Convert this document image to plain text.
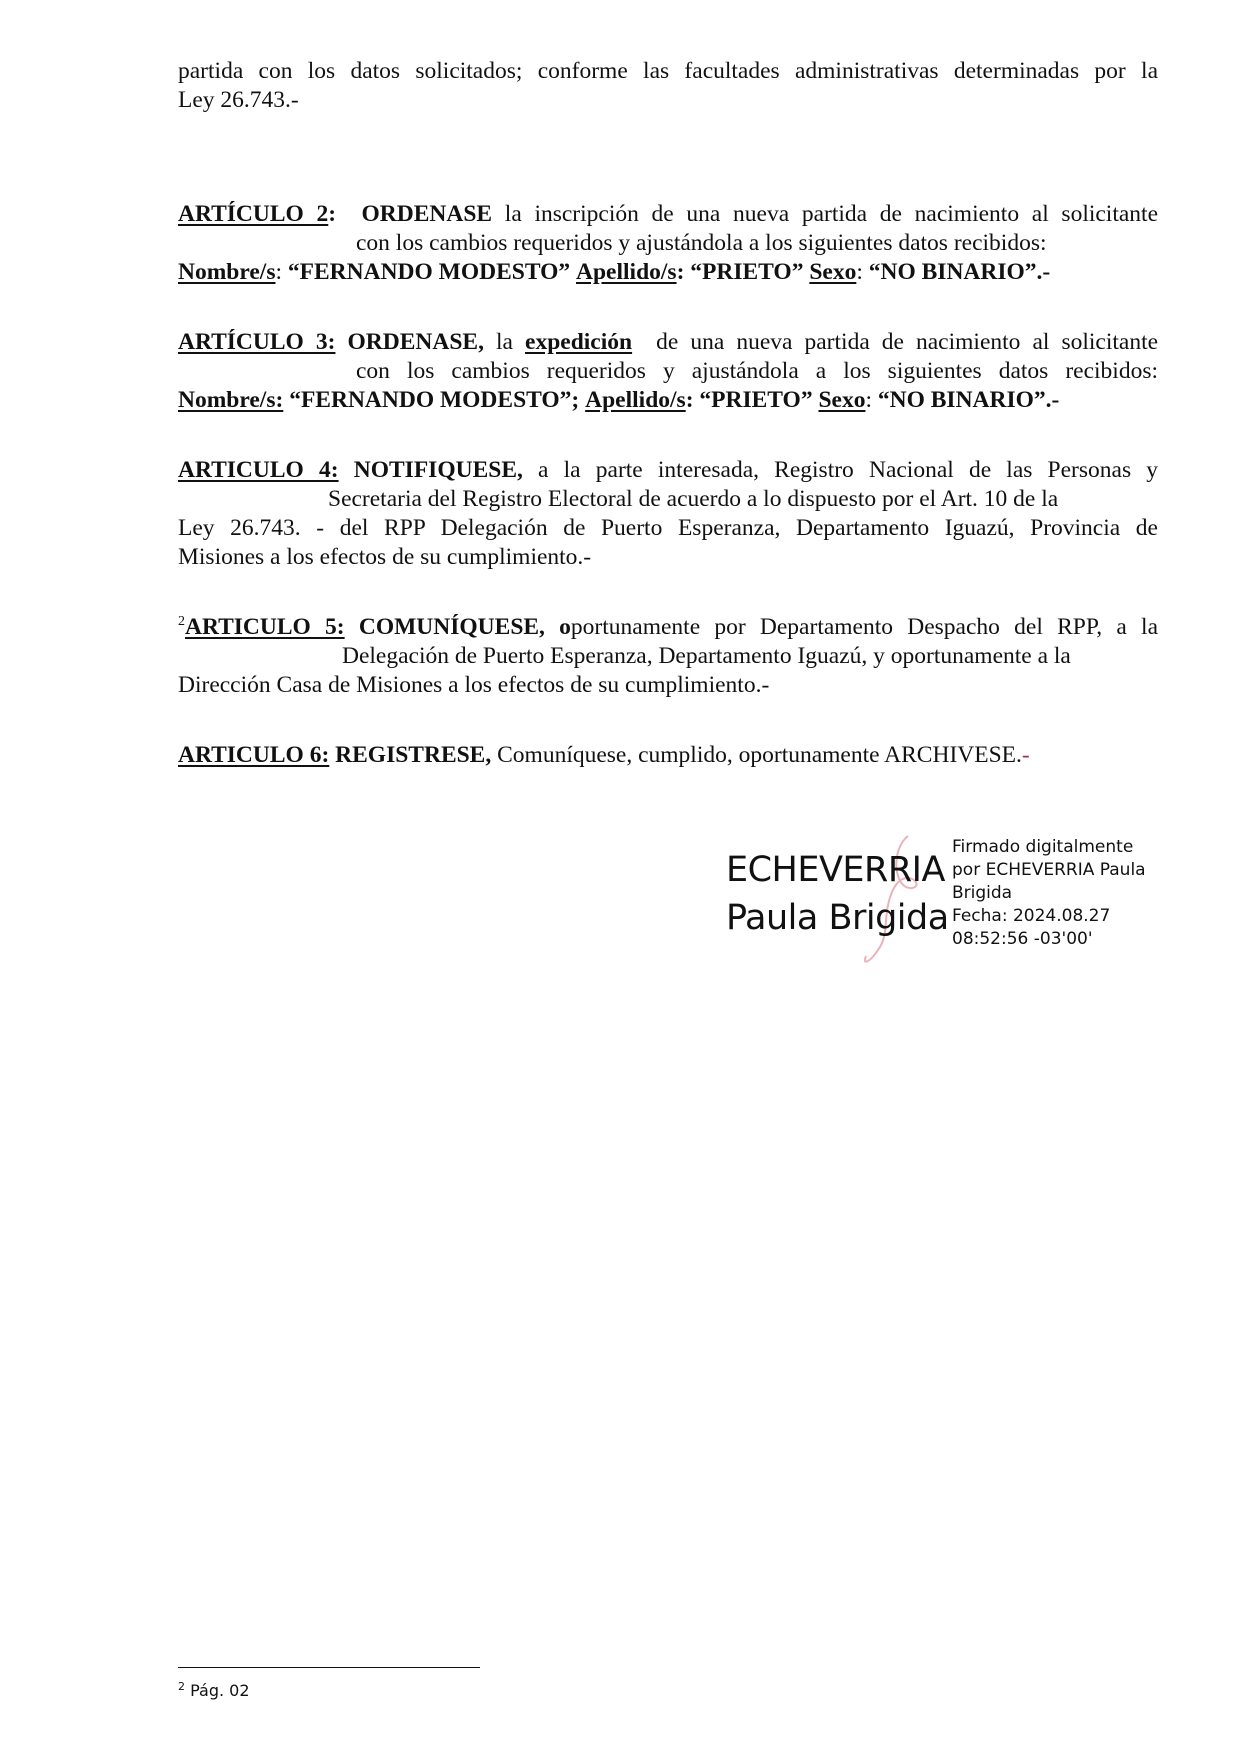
partida con los datos solicitados; conforme las facultades administrativas determinadas por la
Ley 26.743.-
ARTÍCULO 2: ORDENASE la inscripción de una nueva partida de nacimiento al solicitante
con los cambios requeridos y ajustándola a los siguientes datos recibidos:
Nombre/s: “FERNANDO MODESTO” Apellido/s: “PRIETO” Sexo: “NO BINARIO”.-
ARTÍCULO 3: ORDENASE, la expedición de una nueva partida de nacimiento al solicitante
con los cambios requeridos y ajustándola a los siguientes datos recibidos:
Nombre/s: “FERNANDO MODESTO”; Apellido/s: “PRIETO” Sexo: “NO BINARIO”.-
ARTICULO 4: NOTIFIQUESE, a la parte interesada, Registro Nacional de las Personas y
Secretaria del Registro Electoral de acuerdo a lo dispuesto por el Art. 10 de la
Ley 26.743. - del RPP Delegación de Puerto Esperanza, Departamento Iguazú, Provincia de
Misiones a los efectos de su cumplimiento.-
$^2$ARTICULO 5: COMUNÍQUESE, oportunamente por Departamento Despacho del RPP, a la
Delegación de Puerto Esperanza, Departamento Iguazú, y oportunamente a la
Dirección Casa de Misiones a los efectos de su cumplimiento.-
ARTICULO 6: REGISTRESE, Comuníquese, cumplido, oportunamente ARCHIVESE.-
ECHEVERRIA
Paula Brigida
Firmado digitalmente
por ECHEVERRIA Paula
Brigida
Fecha: 2024.08.27
08:52:56 -03'00'
$^2$ Pág. 02
